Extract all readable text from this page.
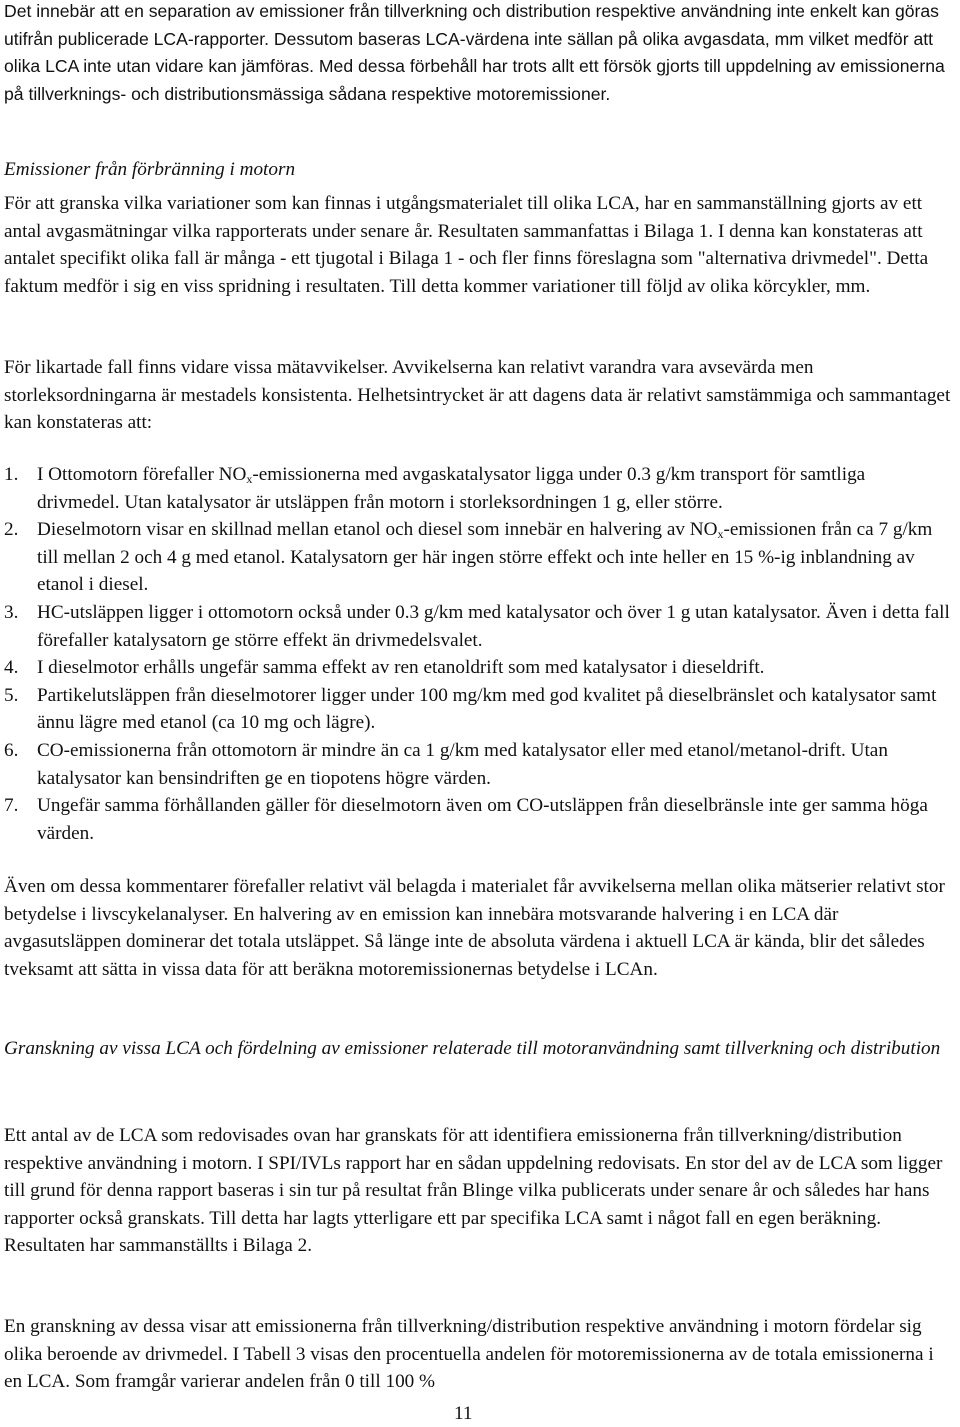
Det innebär att en separation av emissioner från tillverkning och distribution respektive användning inte enkelt kan göras utifrån publicerade LCA-rapporter. Dessutom baseras LCA-värdena inte sällan på olika avgasdata, mm vilket medför att olika LCA inte utan vidare kan jämföras. Med dessa förbehåll har trots allt ett försök gjorts till uppdelning av emissionerna på tillverknings- och distributionsmässiga sådana respektive motoremissioner.

Emissioner från förbränning i motorn

För att granska vilka variationer som kan finnas i utgångsmaterialet till olika LCA, har en sammanställning gjorts av ett antal avgasmätningar vilka rapporterats under senare år. Resultaten sammanfattas i Bilaga 1. I denna kan konstateras att antalet specifikt olika fall är många - ett tjugotal i Bilaga 1 - och fler finns föreslagna som "alternativa drivmedel". Detta faktum medför i sig en viss spridning i resultaten. Till detta kommer variationer till följd av olika körcykler, mm.

För likartade fall finns vidare vissa mätavvikelser. Avvikelserna kan relativt varandra vara avsevärda men storleksordningarna är mestadels konsistenta. Helhetsintrycket är att dagens data är relativt samstämmiga och sammantaget kan konstateras att:

1. I Ottomotorn förefaller $NO_x$-emissionerna med avgaskatalysator ligga under 0.3 g/km transport för samtliga drivmedel. Utan katalysator är utsläppen från motorn i storleksordningen 1 g, eller större.
2. Dieselmotorn visar en skillnad mellan etanol och diesel som innebär en halvering av $NO_x$-emissionen från ca 7 g/km till mellan 2 och 4 g med etanol. Katalysatorn ger här ingen större effekt och inte heller en 15 %-ig inblandning av etanol i diesel.
3. HC-utsläppen ligger i ottomotorn också under 0.3 g/km med katalysator och över 1 g utan katalysator. Även i detta fall förefaller katalysatorn ge större effekt än drivmedelsvalet.
4. I dieselmotor erhålls ungefär samma effekt av ren etanoldrift som med katalysator i dieseldrift.
5. Partikelutsläppen från dieselmotorer ligger under 100 mg/km med god kvalitet på dieselbränslet och katalysator samt ännu lägre med etanol (ca 10 mg och lägre).
6. CO-emissionerna från ottomotorn är mindre än ca 1 g/km med katalysator eller med etanol/metanol-drift. Utan katalysator kan bensindriften ge en tiopotens högre värden.
7. Ungefär samma förhållanden gäller för dieselmotorn även om CO-utsläppen från dieselbränsle inte ger samma höga värden.

Även om dessa kommentarer förefaller relativt väl belagda i materialet får avvikelserna mellan olika mätserier relativt stor betydelse i livscykelanalyser. En halvering av en emission kan innebära motsvarande halvering i en LCA där avgasutsläppen dominerar det totala utsläppet. Så länge inte de absoluta värdena i aktuell LCA är kända, blir det således tveksamt att sätta in vissa data för att beräkna motoremissionernas betydelse i LCAn.

Granskning av vissa LCA och fördelning av emissioner relaterade till motoranvändning samt tillverkning och distribution

Ett antal av de LCA som redovisades ovan har granskats för att identifiera emissionerna från tillverkning/distribution respektive användning i motorn. I SPI/IVLs rapport har en sådan uppdelning redovisats. En stor del av de LCA som ligger till grund för denna rapport baseras i sin tur på resultat från Blinge vilka publicerats under senare år och således har hans rapporter också granskats. Till detta har lagts ytterligare ett par specifika LCA samt i något fall en egen beräkning. Resultaten har sammanställts i Bilaga 2.

En granskning av dessa visar att emissionerna från tillverkning/distribution respektive användning i motorn fördelar sig olika beroende av drivmedel. I Tabell 3 visas den procentuella andelen för motoremissionerna av de totala emissionerna i en LCA. Som framgår varierar andelen från 0 till 100 %

11
